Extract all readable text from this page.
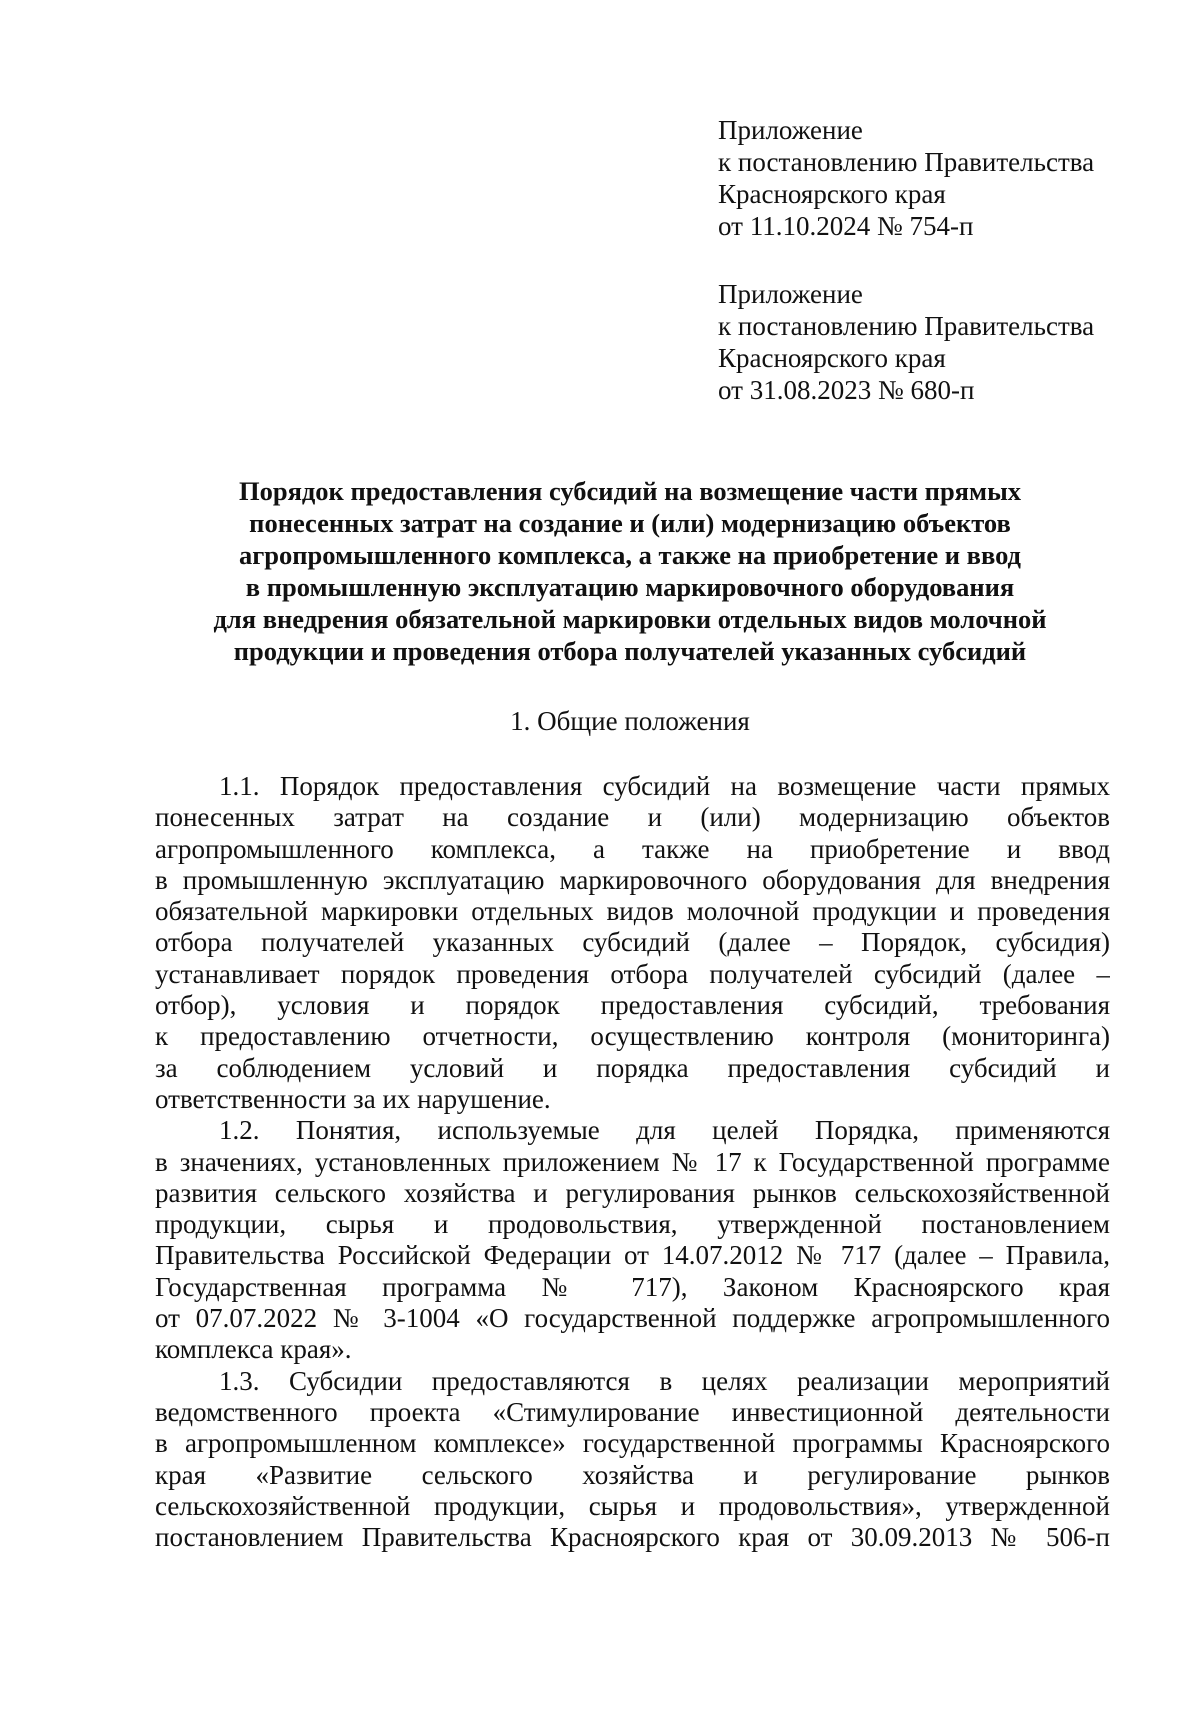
Приложение
к постановлению Правительства
Красноярского края
от 11.10.2024 № 754-п
Приложение
к постановлению Правительства
Красноярского края
от 31.08.2023 № 680-п
Порядок предоставления субсидий на возмещение части прямых
понесенных затрат на создание и (или) модернизацию объектов
агропромышленного комплекса, а также на приобретение и ввод
в промышленную эксплуатацию маркировочного оборудования
для внедрения обязательной маркировки отдельных видов молочной
продукции и проведения отбора получателей указанных субсидий
1. Общие положения
1.1. Порядок предоставления субсидий на возмещение части прямых
понесенных затрат на создание и (или) модернизацию объектов
агропромышленного комплекса, а также на приобретение и ввод
в промышленную эксплуатацию маркировочного оборудования для внедрения
обязательной маркировки отдельных видов молочной продукции и проведения
отбора получателей указанных субсидий (далее – Порядок, субсидия)
устанавливает порядок проведения отбора получателей субсидий (далее –
отбор), условия и порядок предоставления субсидий, требования
к предоставлению отчетности, осуществлению контроля (мониторинга)
за соблюдением условий и порядка предоставления субсидий и
ответственности за их нарушение.
1.2. Понятия, используемые для целей Порядка, применяются
в значениях, установленных приложением № 17 к Государственной программе
развития сельского хозяйства и регулирования рынков сельскохозяйственной
продукции, сырья и продовольствия, утвержденной постановлением
Правительства Российской Федерации от 14.07.2012 № 717 (далее – Правила,
Государственная программа № 717), Законом Красноярского края
от 07.07.2022 № 3-1004 «О государственной поддержке агропромышленного
комплекса края».
1.3. Субсидии предоставляются в целях реализации мероприятий
ведомственного проекта «Стимулирование инвестиционной деятельности
в агропромышленном комплексе» государственной программы Красноярского
края «Развитие сельского хозяйства и регулирование рынков
сельскохозяйственной продукции, сырья и продовольствия», утвержденной
постановлением Правительства Красноярского края от 30.09.2013 № 506-п
